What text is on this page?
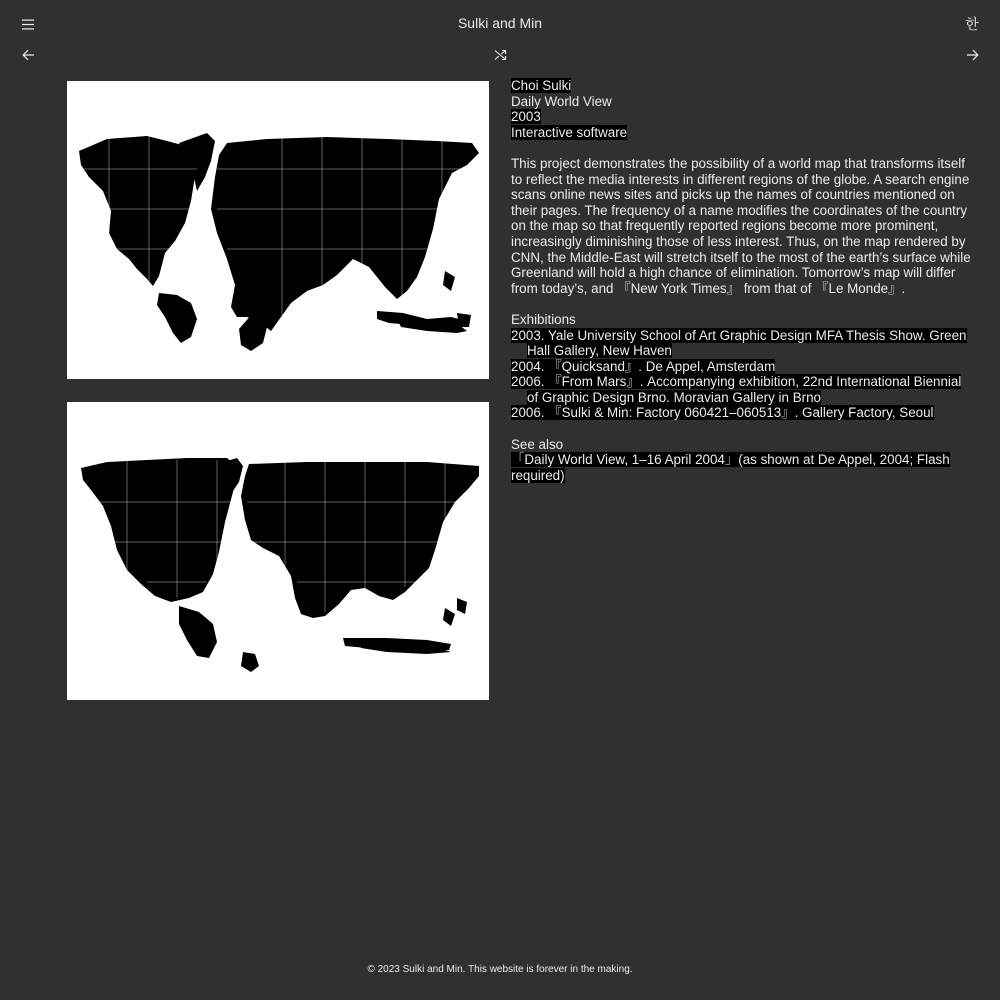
Sulki and Min	한
Choi Sulki
Daily World View
2003
Interactive software

This project demonstrates the possibility of a world map that transforms itself to reflect the media interests in different regions of the globe. A search engine scans online news sites and picks up the names of countries mentioned on their pages. The frequency of a name modifies the coordinates of the country on the map so that frequently reported regions become more prominent, increasingly diminishing those of less interest. Thus, on the map rendered by CNN, the Middle-East will stretch itself to the most of the earth’s surface while Greenland will hold a high chance of elimination. Tomorrow’s map will differ from today’s, and 『New York Times』 from that of 『Le Monde』.

Exhibitions
2003. Yale University School of Art Graphic Design MFA Thesis Show. Green Hall Gallery, New Haven
2004. 『Quicksand』. De Appel, Amsterdam
2006. 『From Mars』. Accompanying exhibition, 22nd International Biennial of Graphic Design Brno. Moravian Gallery in Brno
2006. 『Sulki & Min: Factory 060421–060513』. Gallery Factory, Seoul
See also
「Daily World View, 1–16 April 2004」(as shown at De Appel, 2004; Flash required)
© 2023 Sulki and Min. This website is forever in the making.
